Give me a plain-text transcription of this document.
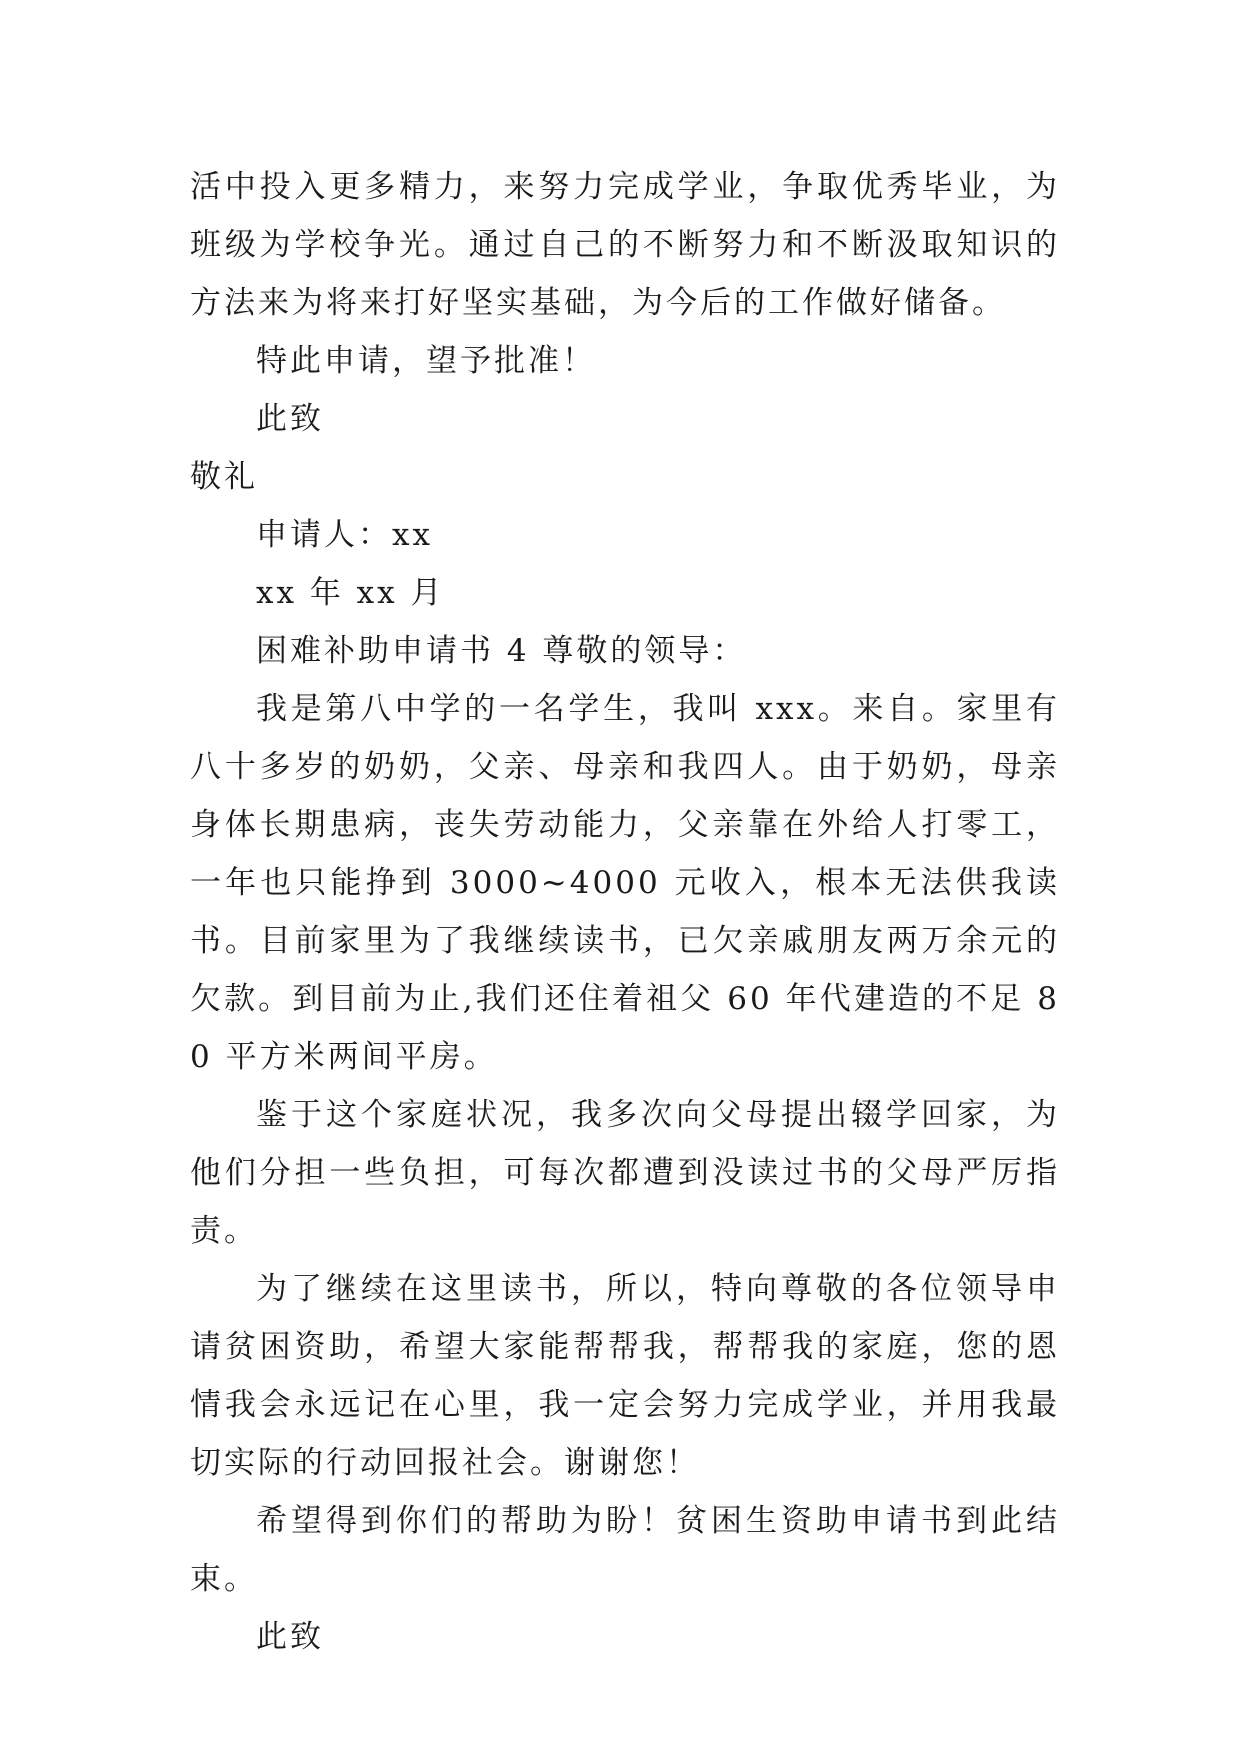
活中投入更多精力，来努力完成学业，争取优秀毕业，为班级为学校争光。通过自己的不断努力和不断汲取知识的方法来为将来打好坚实基础，为今后的工作做好储备。

特此申请，望予批准！

此致

敬礼

申请人：xx

xx 年 xx 月

困难补助申请书 4 尊敬的领导：

我是第八中学的一名学生，我叫 xxx。来自。家里有八十多岁的奶奶，父亲、母亲和我四人。由于奶奶，母亲身体长期患病，丧失劳动能力，父亲靠在外给人打零工，一年也只能挣到 3000~4000 元收入，根本无法供我读书。目前家里为了我继续读书，已欠亲戚朋友两万余元的欠款。到目前为止,我们还住着祖父 60 年代建造的不足 80 平方米两间平房。

鉴于这个家庭状况，我多次向父母提出辍学回家，为他们分担一些负担，可每次都遭到没读过书的父母严厉指责。

为了继续在这里读书，所以，特向尊敬的各位领导申请贫困资助，希望大家能帮帮我，帮帮我的家庭，您的恩情我会永远记在心里，我一定会努力完成学业，并用我最切实际的行动回报社会。谢谢您！

希望得到你们的帮助为盼！贫困生资助申请书到此结束。

此致
